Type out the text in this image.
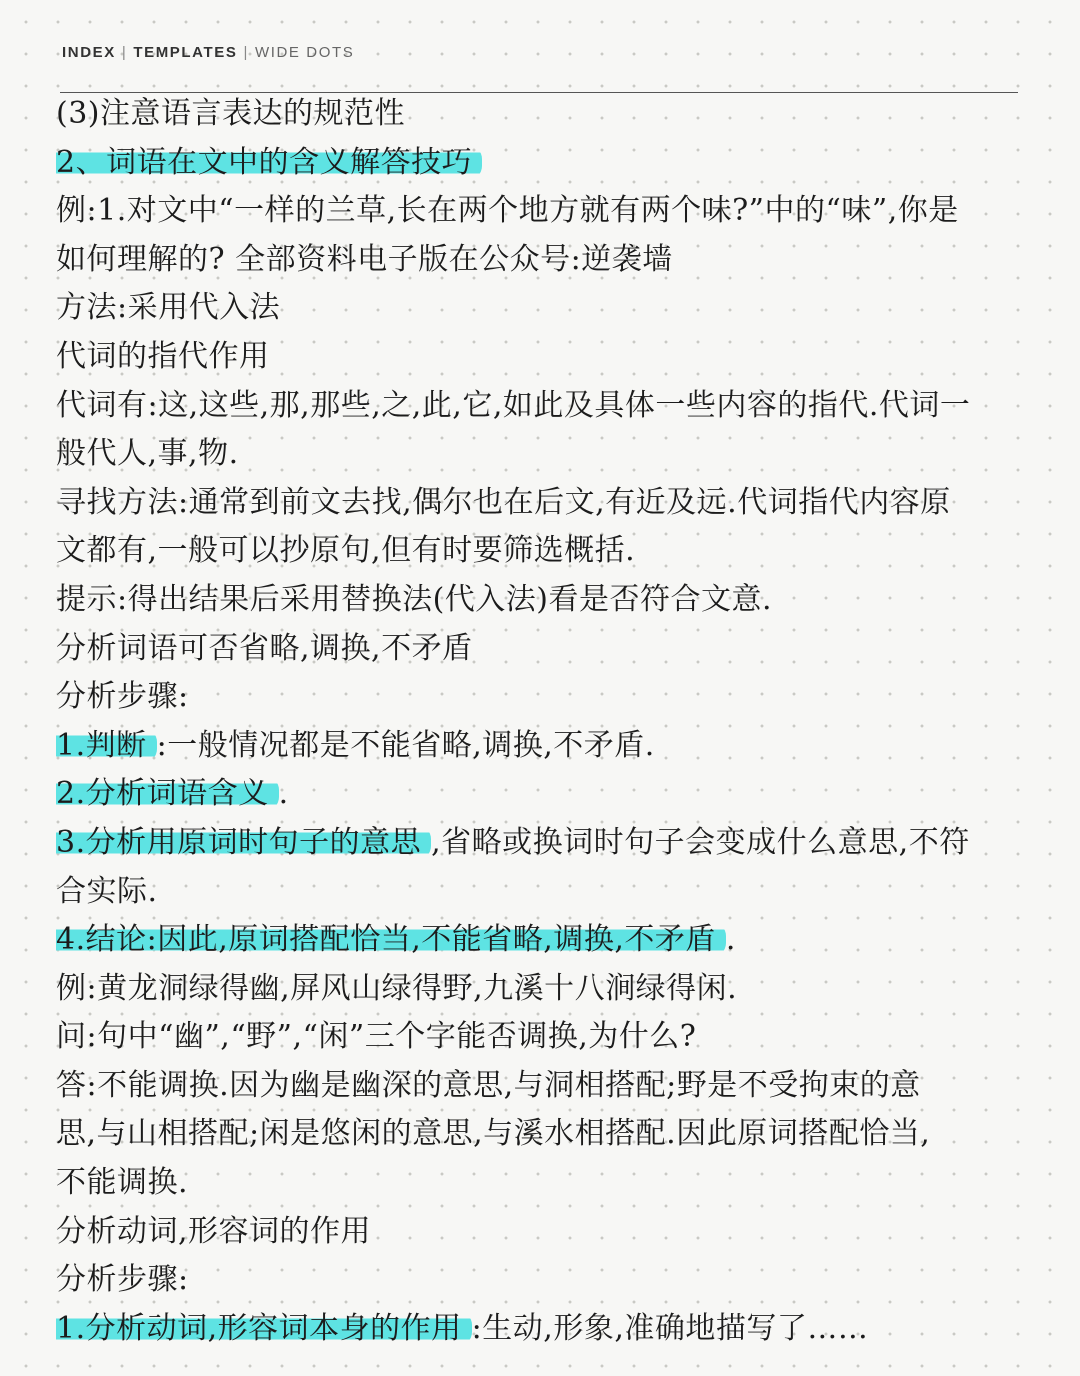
INDEX | TEMPLATES | WIDE DOTS
(3)注意语言表达的规范性
2、词语在文中的含义解答技巧
例:1.对文中“一样的兰草,长在两个地方就有两个味?”中的“味”,你是
如何理解的? 全部资料电子版在公众号:逆袭墙
方法:采用代入法
代词的指代作用
代词有:这,这些,那,那些,之,此,它,如此及具体一些内容的指代.代词一
般代人,事,物.
寻找方法:通常到前文去找,偶尔也在后文,有近及远.代词指代内容原
文都有,一般可以抄原句,但有时要筛选概括.
提示:得出结果后采用替换法(代入法)看是否符合文意.
分析词语可否省略,调换,不矛盾
分析步骤:
1.判断 :一般情况都是不能省略,调换,不矛盾.
2.分析词语含义 .
3.分析用原词时句子的意思 ,省略或换词时句子会变成什么意思,不符
合实际.
4.结论:因此,原词搭配恰当,不能省略,调换,不矛盾 .
例:黄龙洞绿得幽,屏风山绿得野,九溪十八涧绿得闲.
问:句中“幽”,“野”,“闲”三个字能否调换,为什么?
答:不能调换.因为幽是幽深的意思,与洞相搭配;野是不受拘束的意
思,与山相搭配;闲是悠闲的意思,与溪水相搭配.因此原词搭配恰当,
不能调换.
分析动词,形容词的作用
分析步骤:
1.分析动词,形容词本身的作用 :生动,形象,准确地描写了……
